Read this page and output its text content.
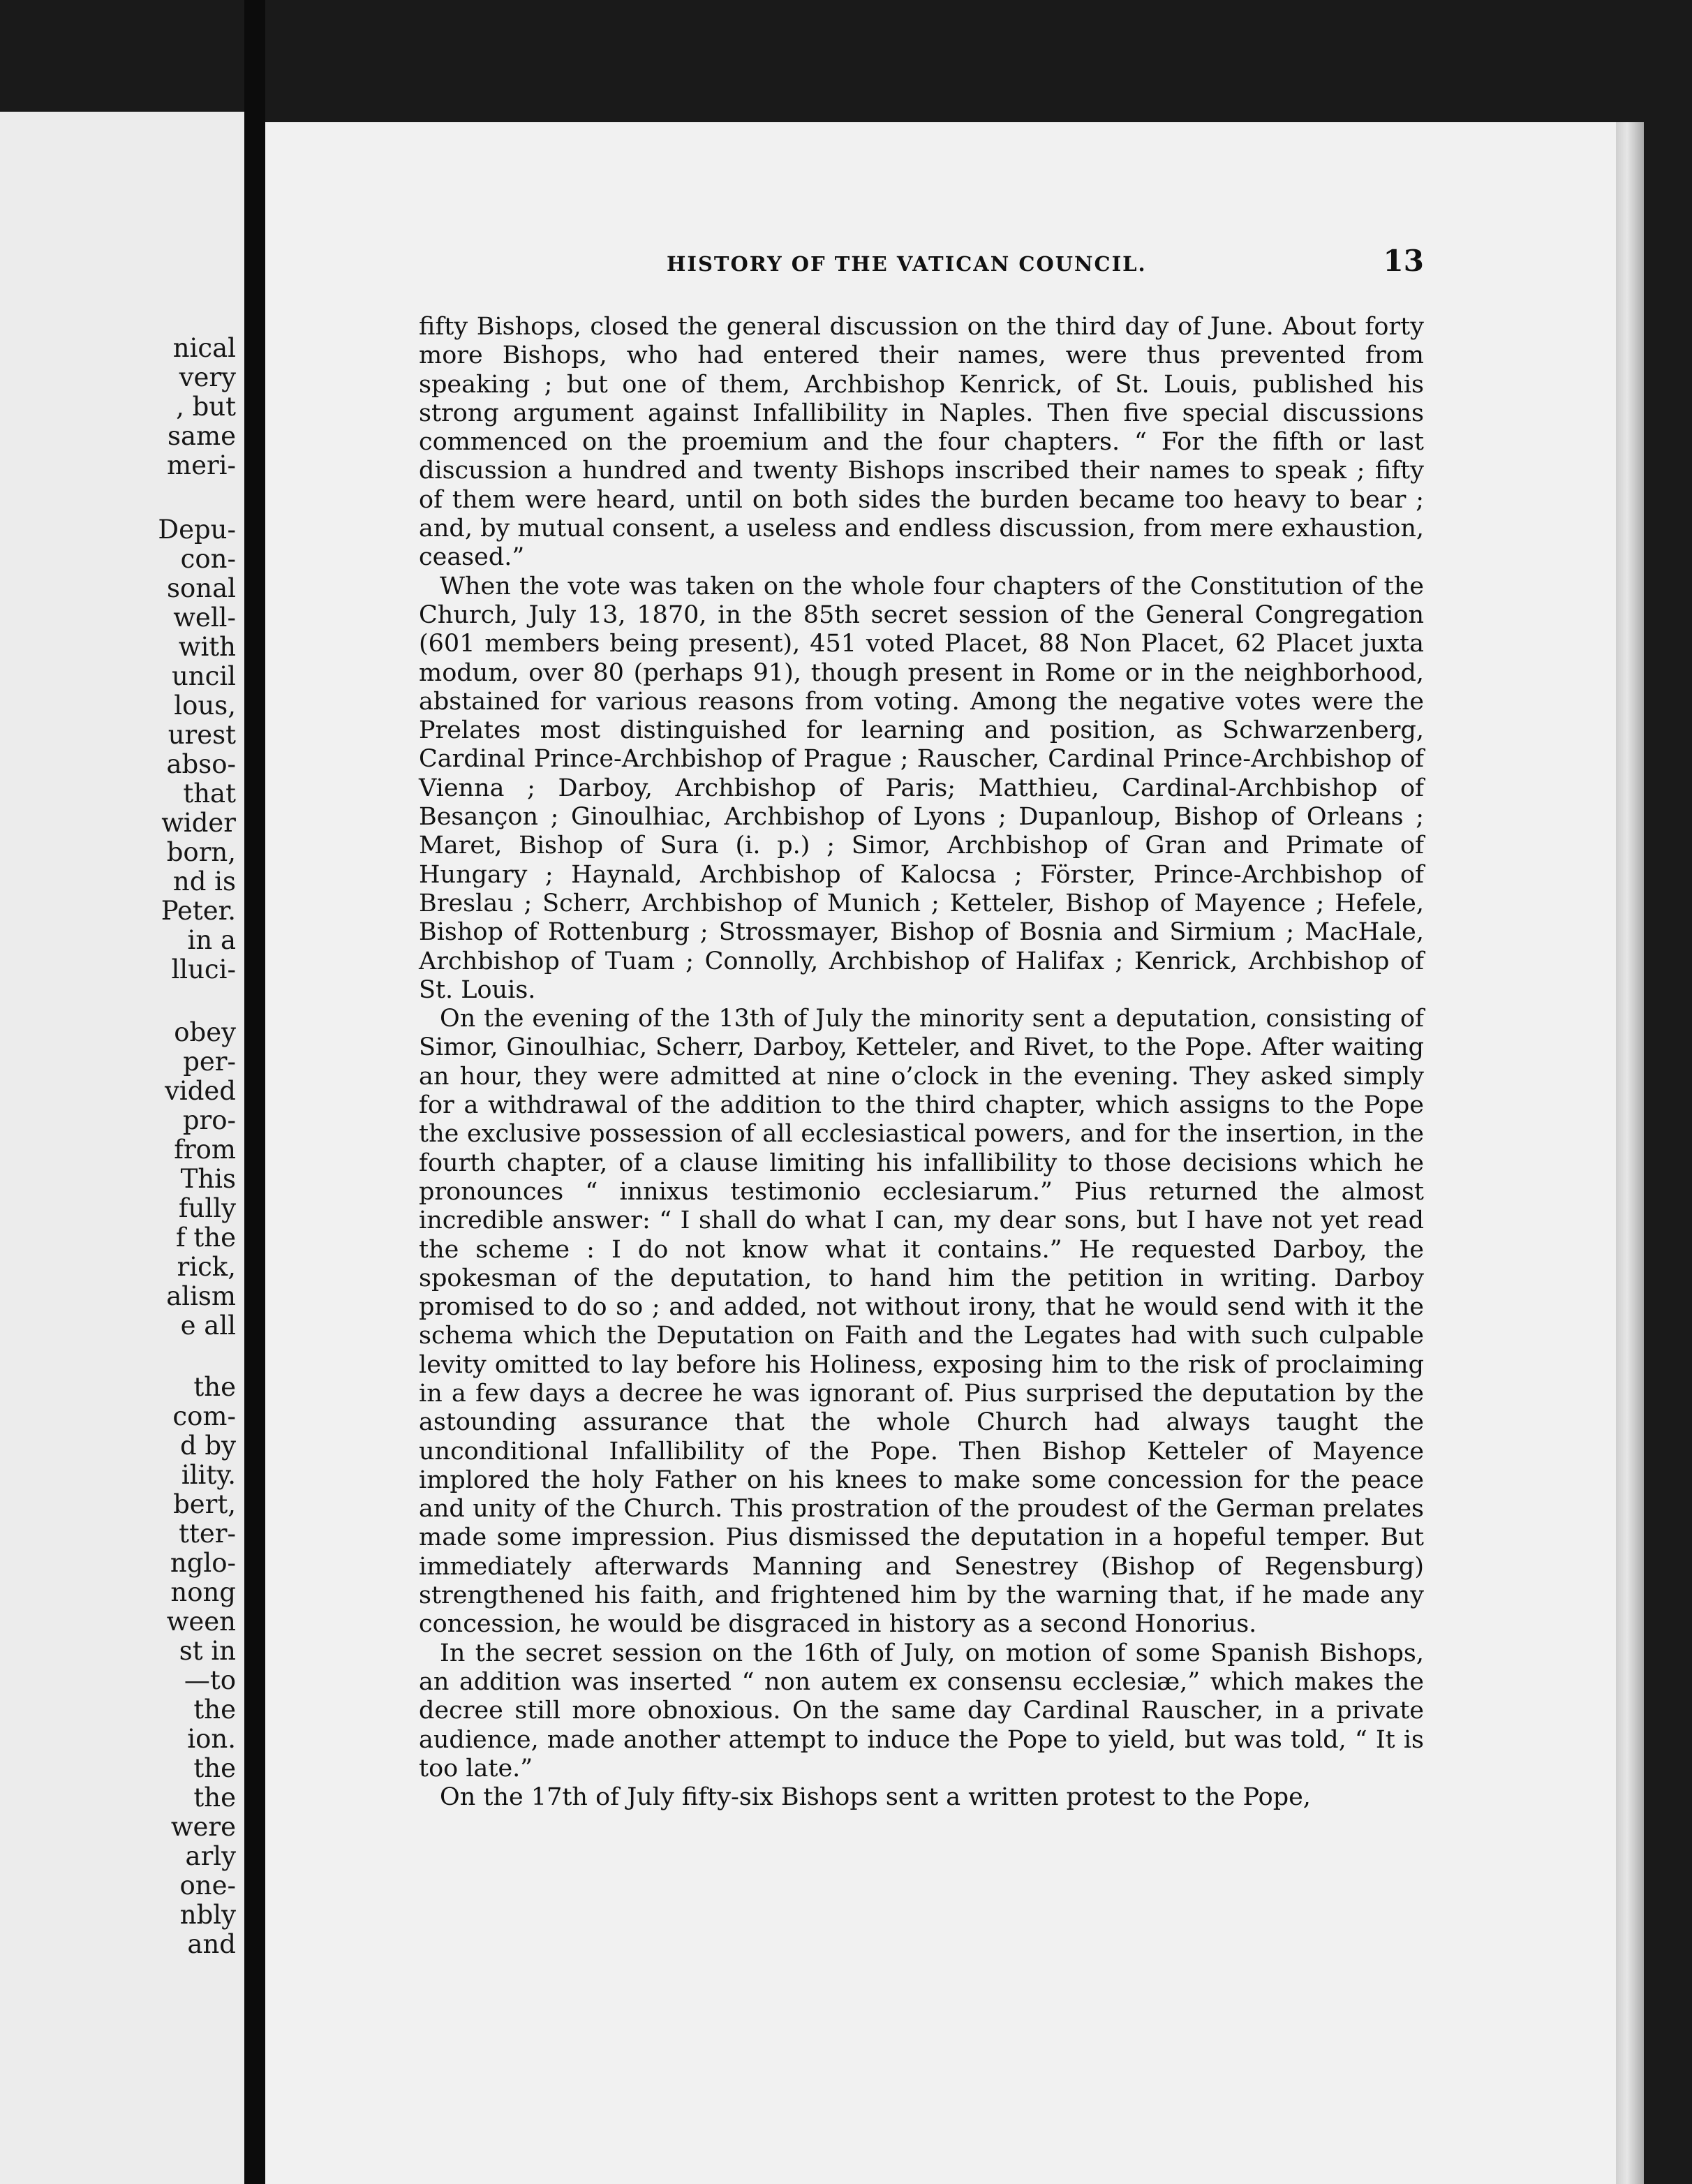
nical
very
, but
same
meri-
Depu-
con-
sonal
well-
with
uncil
lous,
urest
abso-
that
wider
born,
nd is
Peter.
in a
lluci-
obey
per-
vided
pro-
from
This
fully
f the
rick,
alism
e all
the
com-
d by
ility.
bert,
tter-
nglo-
nong
ween
st in
—to
the
ion.
the
the
were
arly
one-
nbly
and
HISTORY OF THE VATICAN COUNCIL.	13

fifty Bishops, closed the general discussion on the third day of June. About forty more Bishops, who had entered their names, were thus prevented from speaking ; but one of them, Archbishop Kenrick, of St. Louis, published his strong argument against Infallibility in Naples. Then five special discussions commenced on the proemium and the four chapters. “ For the fifth or last discussion a hundred and twenty Bishops inscribed their names to speak ; fifty of them were heard, until on both sides the burden became too heavy to bear ; and, by mutual consent, a useless and endless discussion, from mere exhaustion, ceased.”

When the vote was taken on the whole four chapters of the Constitution of the Church, July 13, 1870, in the 85th secret session of the General Congregation (601 members being present), 451 voted Placet, 88 Non Placet, 62 Placet juxta modum, over 80 (perhaps 91), though present in Rome or in the neighborhood, abstained for various reasons from voting. Among the negative votes were the Prelates most distinguished for learning and position, as Schwarzenberg, Cardinal Prince-Archbishop of Prague ; Rauscher, Cardinal Prince-Archbishop of Vienna ; Darboy, Archbishop of Paris; Matthieu, Cardinal-Archbishop of Besançon ; Ginoulhiac, Archbishop of Lyons ; Dupanloup, Bishop of Orleans ; Maret, Bishop of Sura (i. p.) ; Simor, Archbishop of Gran and Primate of Hungary ; Haynald, Archbishop of Kalocsa ; Förster, Prince-Archbishop of Breslau ; Scherr, Archbishop of Munich ; Ketteler, Bishop of Mayence ; Hefele, Bishop of Rottenburg ; Strossmayer, Bishop of Bosnia and Sirmium ; MacHale, Archbishop of Tuam ; Connolly, Archbishop of Halifax ; Kenrick, Archbishop of St. Louis.

On the evening of the 13th of July the minority sent a deputation, consisting of Simor, Ginoulhiac, Scherr, Darboy, Ketteler, and Rivet, to the Pope. After waiting an hour, they were admitted at nine o’clock in the evening. They asked simply for a withdrawal of the addition to the third chapter, which assigns to the Pope the exclusive possession of all ecclesiastical powers, and for the insertion, in the fourth chapter, of a clause limiting his infallibility to those decisions which he pronounces “ innixus testimonio ecclesiarum.” Pius returned the almost incredible answer: “ I shall do what I can, my dear sons, but I have not yet read the scheme : I do not know what it contains.” He requested Darboy, the spokesman of the deputation, to hand him the petition in writing. Darboy promised to do so ; and added, not without irony, that he would send with it the schema which the Deputation on Faith and the Legates had with such culpable levity omitted to lay before his Holiness, exposing him to the risk of proclaiming in a few days a decree he was ignorant of. Pius surprised the deputation by the astounding assurance that the whole Church had always taught the unconditional Infallibility of the Pope. Then Bishop Ketteler of Mayence implored the holy Father on his knees to make some concession for the peace and unity of the Church. This prostration of the proudest of the German prelates made some impression. Pius dismissed the deputation in a hopeful temper. But immediately afterwards Manning and Senestrey (Bishop of Regensburg) strengthened his faith, and frightened him by the warning that, if he made any concession, he would be disgraced in history as a second Honorius.

In the secret session on the 16th of July, on motion of some Spanish Bishops, an addition was inserted “ non autem ex consensu ecclesiæ,” which makes the decree still more obnoxious. On the same day Cardinal Rauscher, in a private audience, made another attempt to induce the Pope to yield, but was told, “ It is too late.”

On the 17th of July fifty-six Bishops sent a written protest to the Pope,
